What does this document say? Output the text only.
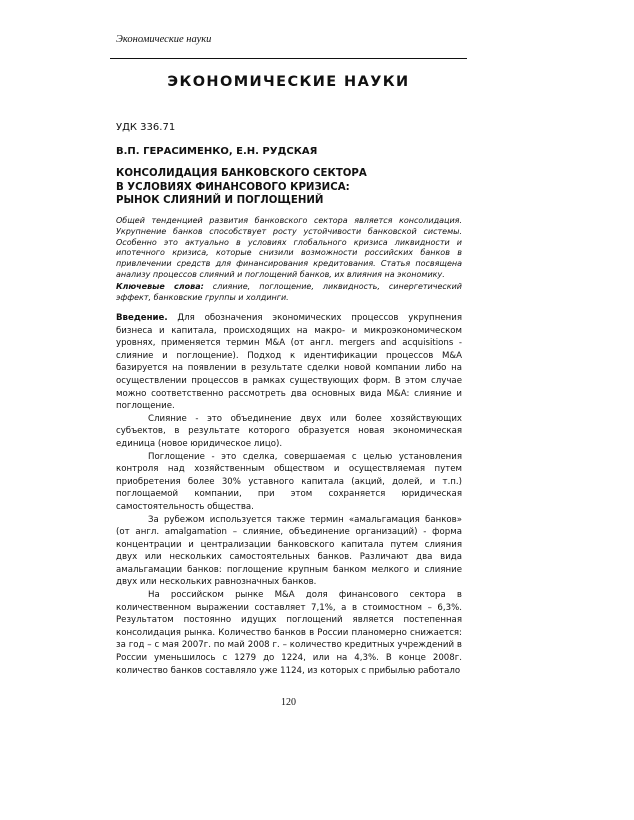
Экономические науки
ЭКОНОМИЧЕСКИЕ НАУКИ
УДК 336.71
В.П. ГЕРАСИМЕНКО, Е.Н. РУДСКАЯ
КОНСОЛИДАЦИЯ БАНКОВСКОГО СЕКТОРА
В УСЛОВИЯХ ФИНАНСОВОГО КРИЗИСА:
РЫНОК СЛИЯНИЙ И ПОГЛОЩЕНИЙ
Общей тенденцией развития банковского сектора является консолидация. Укрупнение банков способствует росту устойчивости банковской системы. Особенно это актуально в условиях глобального кризиса ликвидности и ипотечного кризиса, которые снизили возможности российских банков в привлечении средств для финансирования кредитования. Статья посвящена анализу процессов слияний и поглощений банков, их влияния на экономику.
Ключевые слова: слияние, поглощение, ликвидность, синергетический эффект, банковские группы и холдинги.

Введение. Для обозначения экономических процессов укрупнения бизнеса и капитала, происходящих на макро- и микроэкономическом уровнях, применяется термин M&A (от англ. mergers and acquisitions - слияние и поглощение). Подход к идентификации процессов M&A базируется на появлении в результате сделки новой компании либо на осуществлении процессов в рамках существующих форм. В этом случае можно соответственно рассмотреть два основных вида M&A: слияние и поглощение.

Слияние - это объединение двух или более хозяйствующих субъектов, в результате которого образуется новая экономическая единица (новое юридическое лицо).

Поглощение - это сделка, совершаемая с целью установления контроля над хозяйственным обществом и осуществляемая путем приобретения более 30% уставного капитала (акций, долей, и т.п.) поглощаемой компании, при этом сохраняется юридическая самостоятельность общества.

За рубежом используется также термин «амальгамация банков» (от англ. amalgamation – слияние, объединение организаций) - форма концентрации и централизации банковского капитала путем слияния двух или нескольких самостоятельных банков. Различают два вида амальгамации банков: поглощение крупным банком мелкого и слияние двух или нескольких равнозначных банков.

На российском рынке M&A доля финансового сектора в количественном выражении составляет 7,1%, а в стоимостном – 6,3%. Результатом постоянно идущих поглощений является постепенная консолидация рынка. Количество банков в России планомерно снижается: за год – с мая 2007г. по май 2008 г. – количество кредитных учреждений в России уменьшилось с 1279 до 1224, или на 4,3%. В конце 2008г. количество банков составляло уже 1124, из которых с прибылью работало

120
